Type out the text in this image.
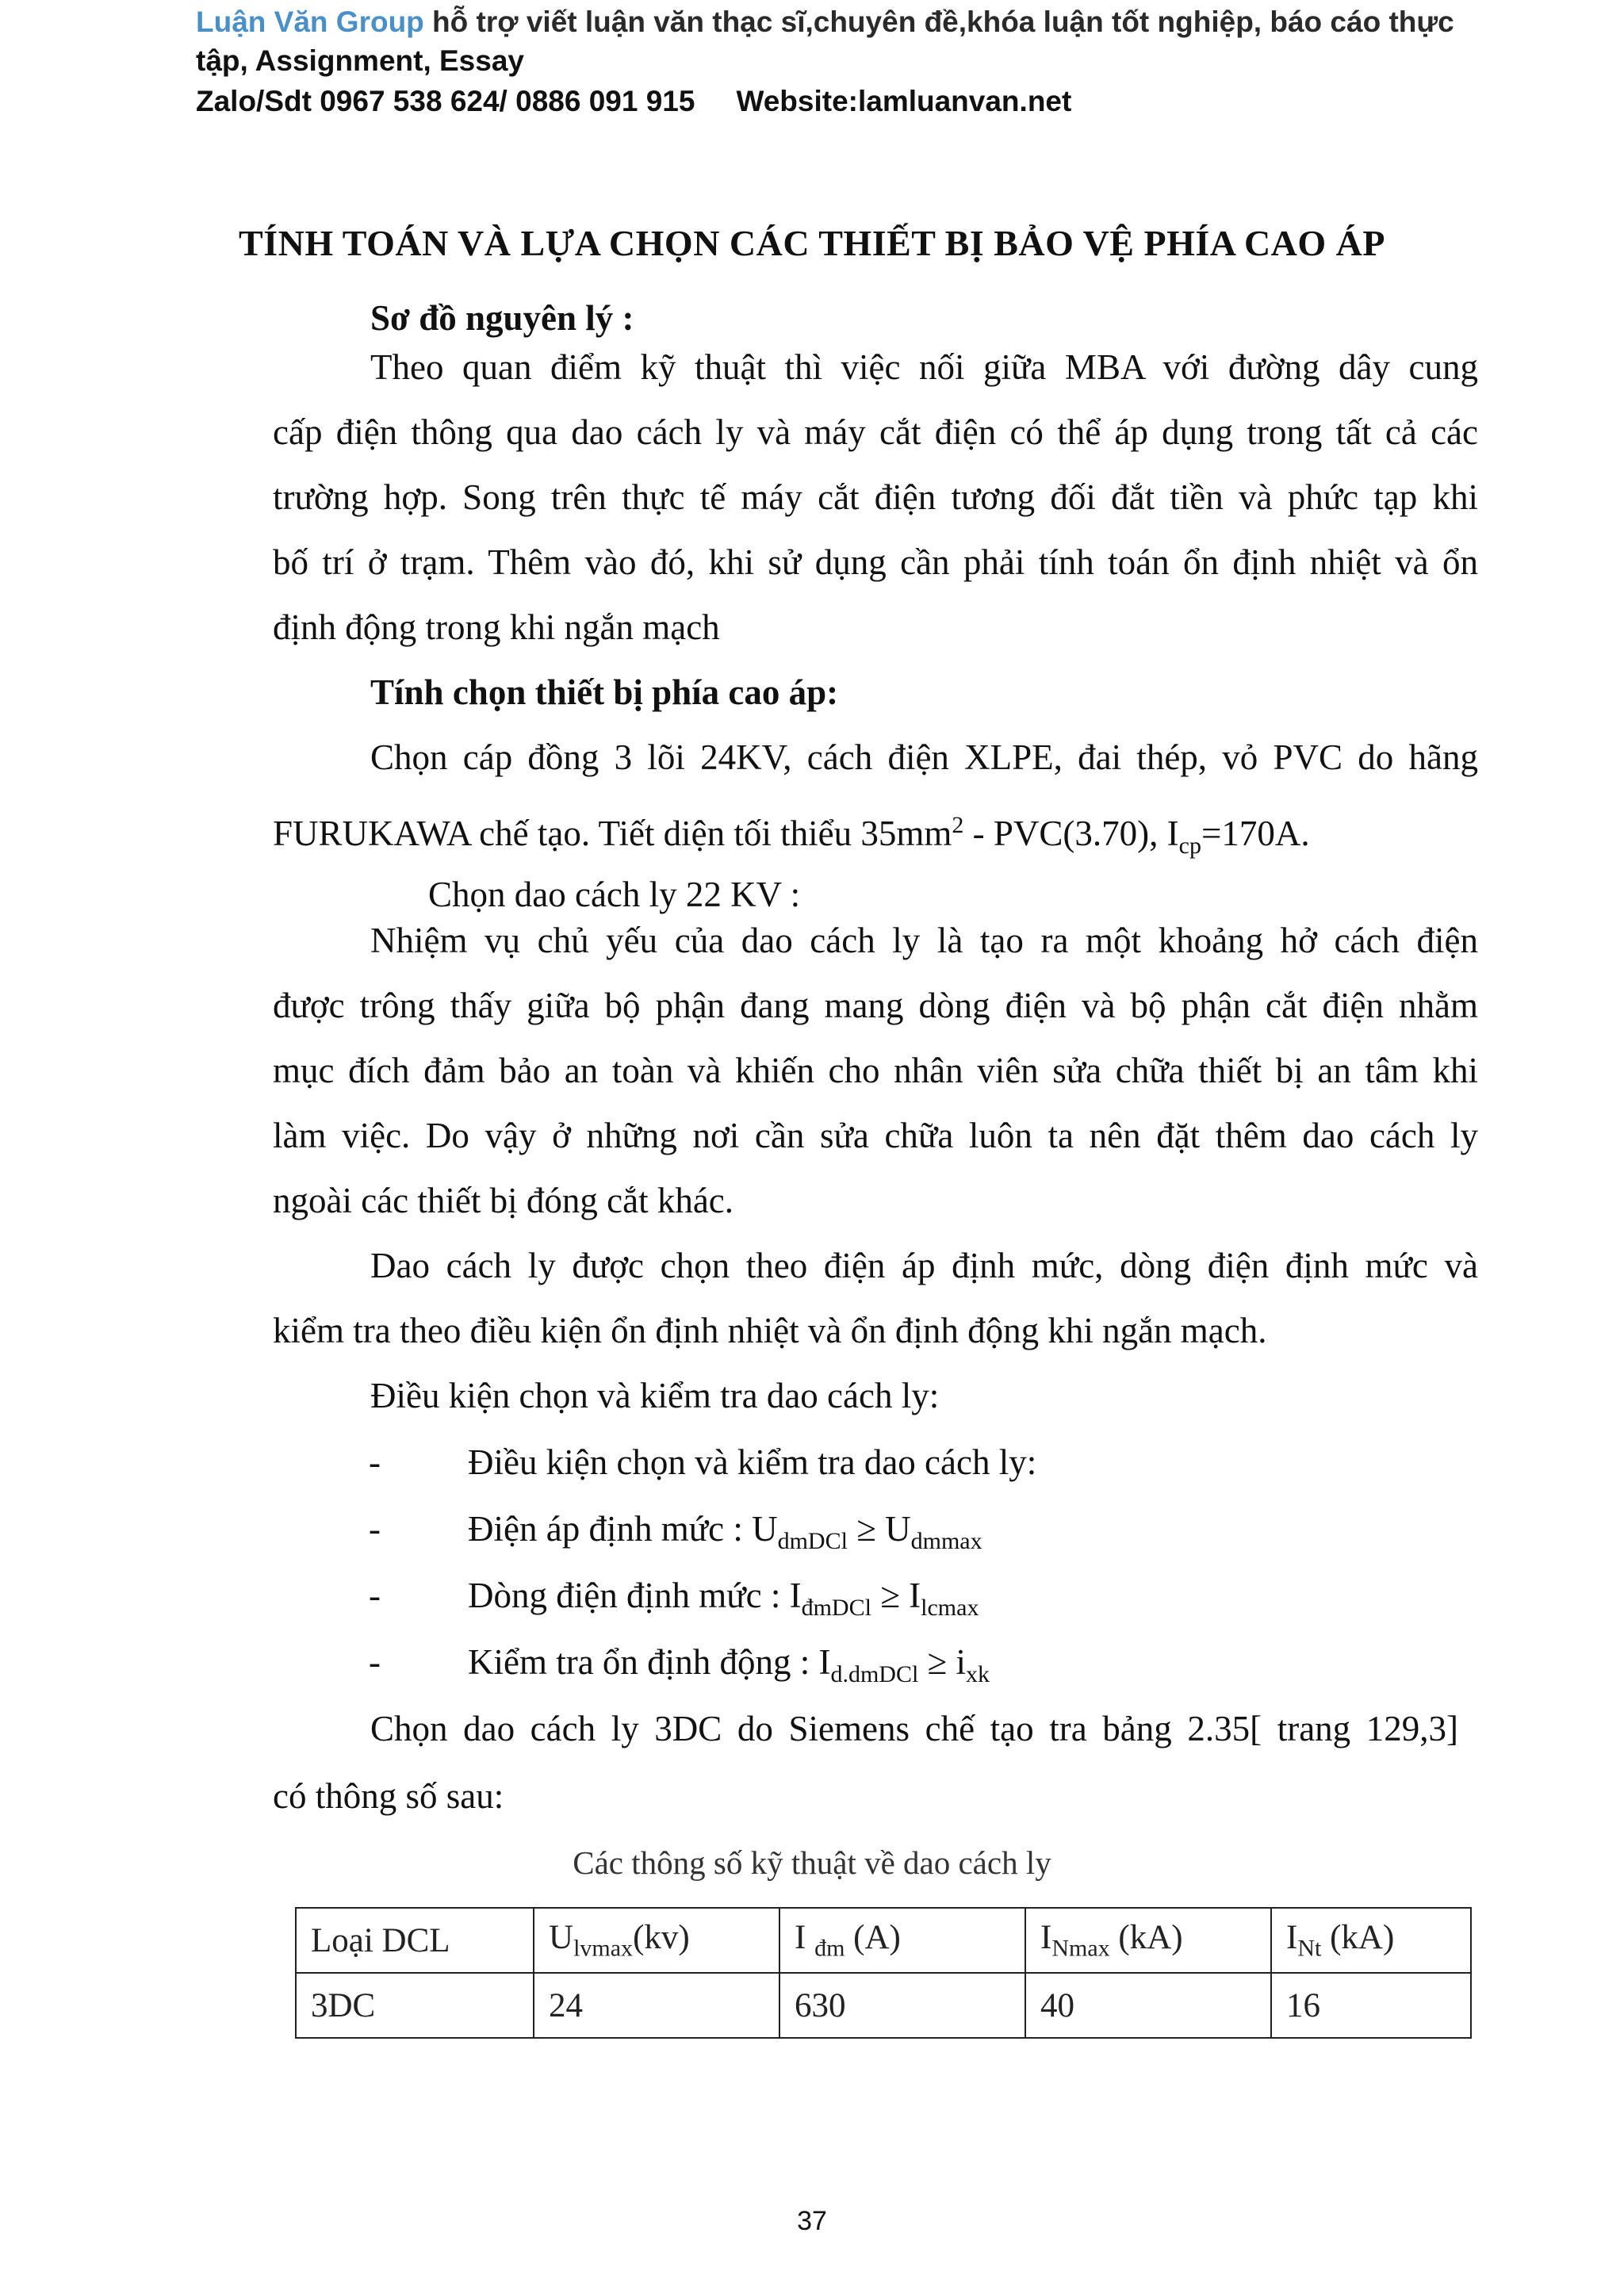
Luận Văn Group hỗ trợ viết luận văn thạc sĩ,chuyên đề,khóa luận tốt nghiệp, báo cáo thực
tập, Assignment, Essay
Zalo/Sdt 0967 538 624/ 0886 091 915 Website:lamluanvan.net
TÍNH TOÁN VÀ LỰA CHỌN CÁC THIẾT BỊ BẢO VỆ PHÍA CAO ÁP
Sơ đồ nguyên lý :
Theo quan điểm kỹ thuật thì việc nối giữa MBA với đường dây cung
cấp điện thông qua dao cách ly và máy cắt điện có thể áp dụng trong tất cả các
trường hợp. Song trên thực tế máy cắt điện tương đối đắt tiền và phức tạp khi
bố trí ở trạm. Thêm vào đó, khi sử dụng cần phải tính toán ổn định nhiệt và ổn
định động trong khi ngắn mạch
Tính chọn thiết bị phía cao áp:
Chọn cáp đồng 3 lõi 24KV, cách điện XLPE, đai thép, vỏ PVC do hãng
FURUKAWA chế tạo. Tiết diện tối thiểu $35mm^2 - PVC(3.70)$, $I_{cp}=170A$.
Chọn dao cách ly 22 KV :
Nhiệm vụ chủ yếu của dao cách ly là tạo ra một khoảng hở cách điện
được trông thấy giữa bộ phận đang mang dòng điện và bộ phận cắt điện nhằm
mục đích đảm bảo an toàn và khiến cho nhân viên sửa chữa thiết bị an tâm khi
làm việc. Do vậy ở những nơi cần sửa chữa luôn ta nên đặt thêm dao cách ly
ngoài các thiết bị đóng cắt khác.
Dao cách ly được chọn theo điện áp định mức, dòng điện định mức và
kiểm tra theo điều kiện ổn định nhiệt và ổn định động khi ngắn mạch.
Điều kiện chọn và kiểm tra dao cách ly:
- Điều kiện chọn và kiểm tra dao cách ly:
- Điện áp định mức : $U_{dmDCl} \ge U_{dmmax}$
- Dòng điện định mức : $I_{đmDCl} \ge I_{lcmax}$
- Kiểm tra ổn định động : $I_{d.dmDCl} \ge i_{xk}$
Chọn dao cách ly 3DC do Siemens chế tạo tra bảng 2.35[ trang 129,3]
có thông số sau:
Các thông số kỹ thuật về dao cách ly
Loại DCL	$U_{lvmax}(kv)$	I $_{đm}$ (A)	$I_{Nmax}$ (kA)	$I_{Nt}$ (kA)
3DC	24	630	40	16
37
